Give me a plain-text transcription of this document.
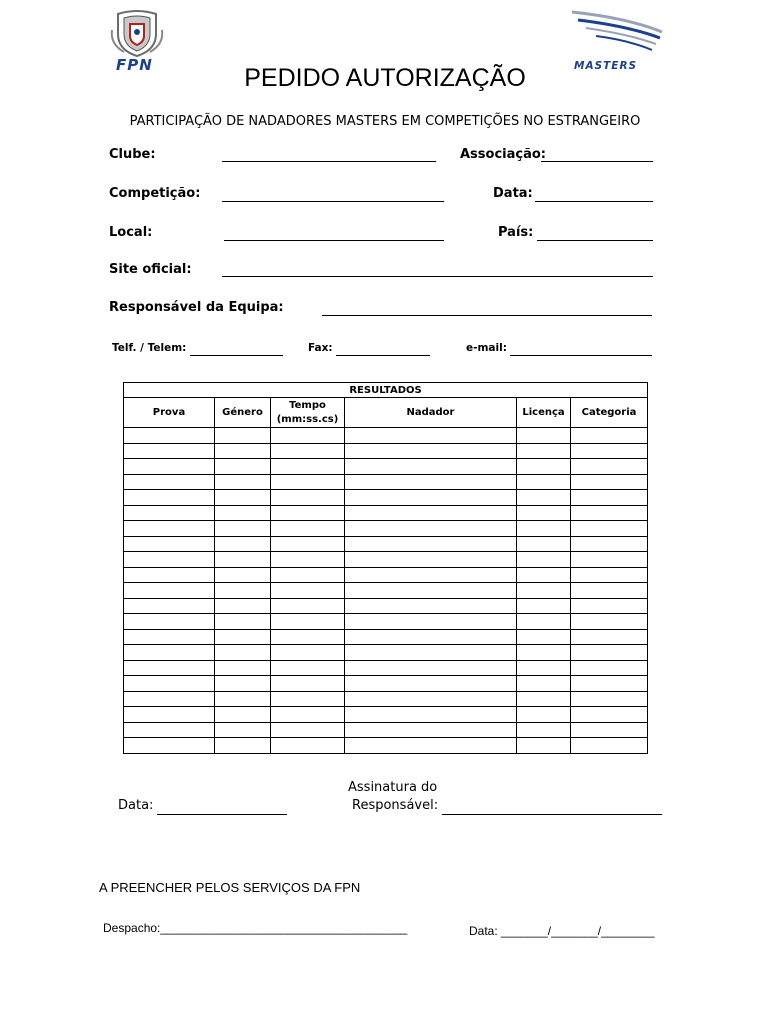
FPN	MASTERS
PEDIDO AUTORIZAÇÃO
PARTICIPAÇÃO DE NADADORES MASTERS EM COMPETIÇÕES NO ESTRANGEIRO
Clube:	Associação:
Competição:	Data:
Local:	País:
Site oficial:
Responsável da Equipa:
Telf. / Telem:	Fax:	e-mail:
RESULTADOS					
Prova	Género	Tempo (mm:ss.cs)	Nadador	Licença	Categoria

Data:
Assinatura do
Responsável:
A PREENCHER PELOS SERVIÇOS DA FPN
Despacho:_____________________________________	Data: _______/_______/________
